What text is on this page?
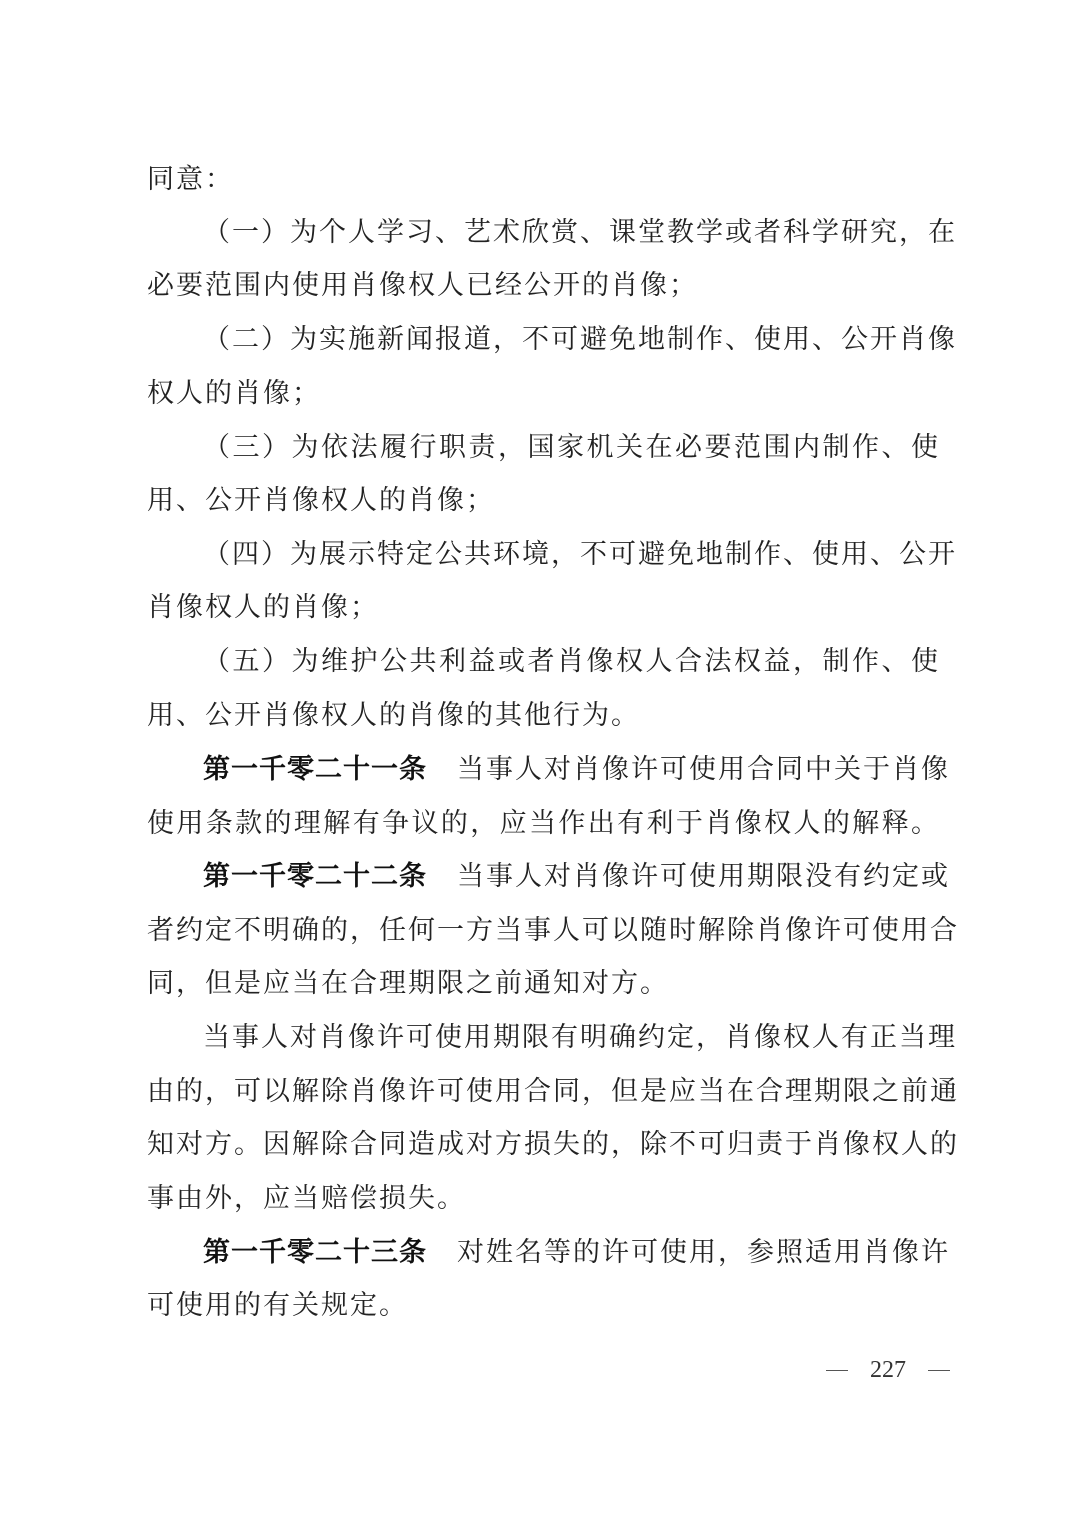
同意：
（一）为个人学习、艺术欣赏、课堂教学或者科学研究，在
必要范围内使用肖像权人已经公开的肖像；
（二）为实施新闻报道，不可避免地制作、使用、公开肖像
权人的肖像；
（三）为依法履行职责，国家机关在必要范围内制作、使
用、公开肖像权人的肖像；
（四）为展示特定公共环境，不可避免地制作、使用、公开
肖像权人的肖像；
（五）为维护公共利益或者肖像权人合法权益，制作、使
用、公开肖像权人的肖像的其他行为。
第一千零二十一条 当事人对肖像许可使用合同中关于肖像
使用条款的理解有争议的，应当作出有利于肖像权人的解释。
第一千零二十二条 当事人对肖像许可使用期限没有约定或
者约定不明确的，任何一方当事人可以随时解除肖像许可使用合
同，但是应当在合理期限之前通知对方。
当事人对肖像许可使用期限有明确约定，肖像权人有正当理
由的，可以解除肖像许可使用合同，但是应当在合理期限之前通
知对方。因解除合同造成对方损失的，除不可归责于肖像权人的
事由外，应当赔偿损失。
第一千零二十三条 对姓名等的许可使用，参照适用肖像许
可使用的有关规定。
227
